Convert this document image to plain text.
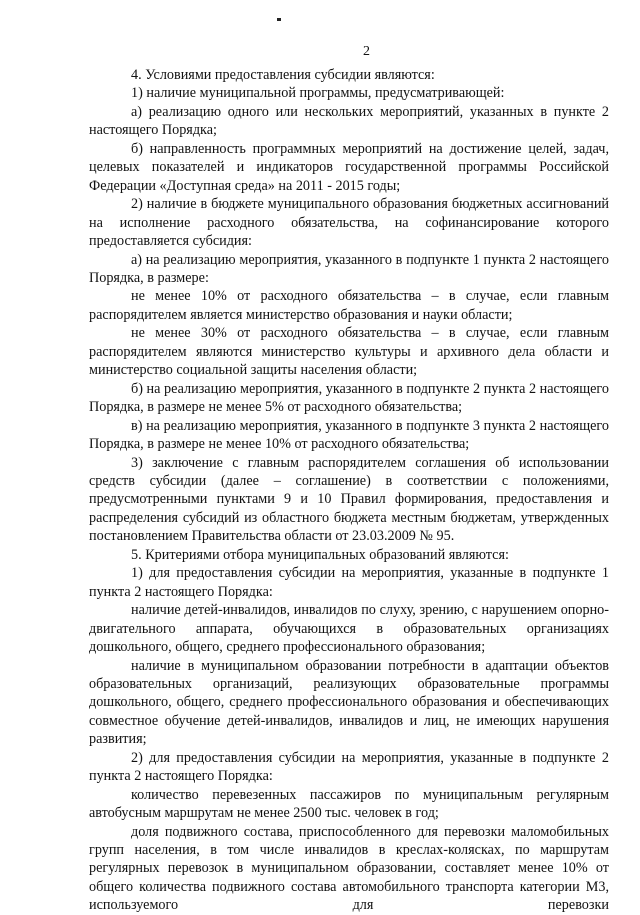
2

4. Условиями предоставления субсидии являются:

1) наличие муниципальной программы, предусматривающей:

а) реализацию одного или нескольких мероприятий, указанных в пункте 2 настоящего Порядка;

б) направленность программных мероприятий на достижение целей, задач, целевых показателей и индикаторов государственной программы Российской Федерации «Доступная среда» на 2011 - 2015 годы;

2) наличие в бюджете муниципального образования бюджетных ассигнований на исполнение расходного обязательства, на софинансирование которого предоставляется субсидия:

а) на реализацию мероприятия, указанного в подпункте 1 пункта 2 настоящего Порядка, в размере:

не менее 10% от расходного обязательства – в случае, если главным распорядителем является министерство образования и науки области;

не менее 30% от расходного обязательства – в случае, если главным распорядителем являются министерство культуры и архивного дела области и министерство социальной защиты населения области;

б) на реализацию мероприятия, указанного в подпункте 2 пункта 2 настоящего Порядка, в размере не менее 5% от расходного обязательства;

в) на реализацию мероприятия, указанного в подпункте 3 пункта 2 настоящего Порядка, в размере не менее 10% от расходного обязательства;

3) заключение с главным распорядителем соглашения об использовании средств субсидии (далее – соглашение) в соответствии с положениями, предусмотренными пунктами 9 и 10 Правил формирования, предоставления и распределения субсидий из областного бюджета местным бюджетам, утвержденных постановлением Правительства области от 23.03.2009 № 95.

5. Критериями отбора муниципальных образований являются:

1) для предоставления субсидии на мероприятия, указанные в подпункте 1 пункта 2 настоящего Порядка:

наличие детей-инвалидов, инвалидов по слуху, зрению, с нарушением опорно-двигательного аппарата, обучающихся в образовательных организациях дошкольного, общего, среднего профессионального образования;

наличие в муниципальном образовании потребности в адаптации объектов образовательных организаций, реализующих образовательные программы дошкольного, общего, среднего профессионального образования и обеспечивающих совместное обучение детей-инвалидов, инвалидов и лиц, не имеющих нарушения развития;

2) для предоставления субсидии на мероприятия, указанные в подпункте 2 пункта 2 настоящего Порядка:

количество перевезенных пассажиров по муниципальным регулярным автобусным маршрутам не менее 2500 тыс. человек в год;

доля подвижного состава, приспособленного для перевозки маломобильных групп населения, в том числе инвалидов в креслах-колясках, по маршрутам регулярных перевозок в муниципальном образовании, составляет менее 10% от общего количества подвижного состава автомобильного транспорта категории М3, используемого для перевозки
